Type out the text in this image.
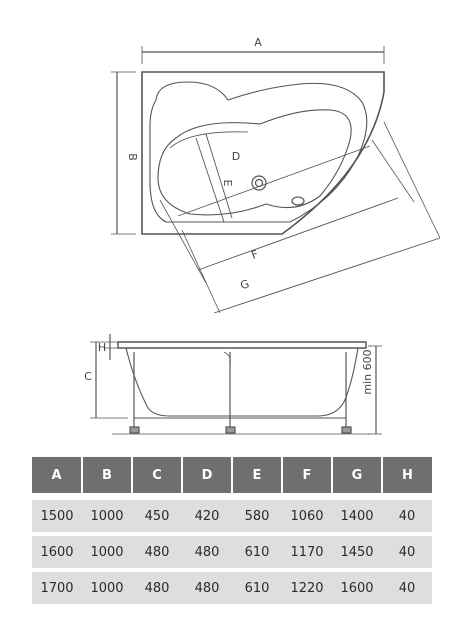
A
B	D
E
F
G
C
H
min 600
A	B	C	D	E	F	G	H

1500	1000	450	420	580	1060	1400	40

1600	1000	480	480	610	1170	1450	40

1700	1000	480	480	610	1220	1600	40
